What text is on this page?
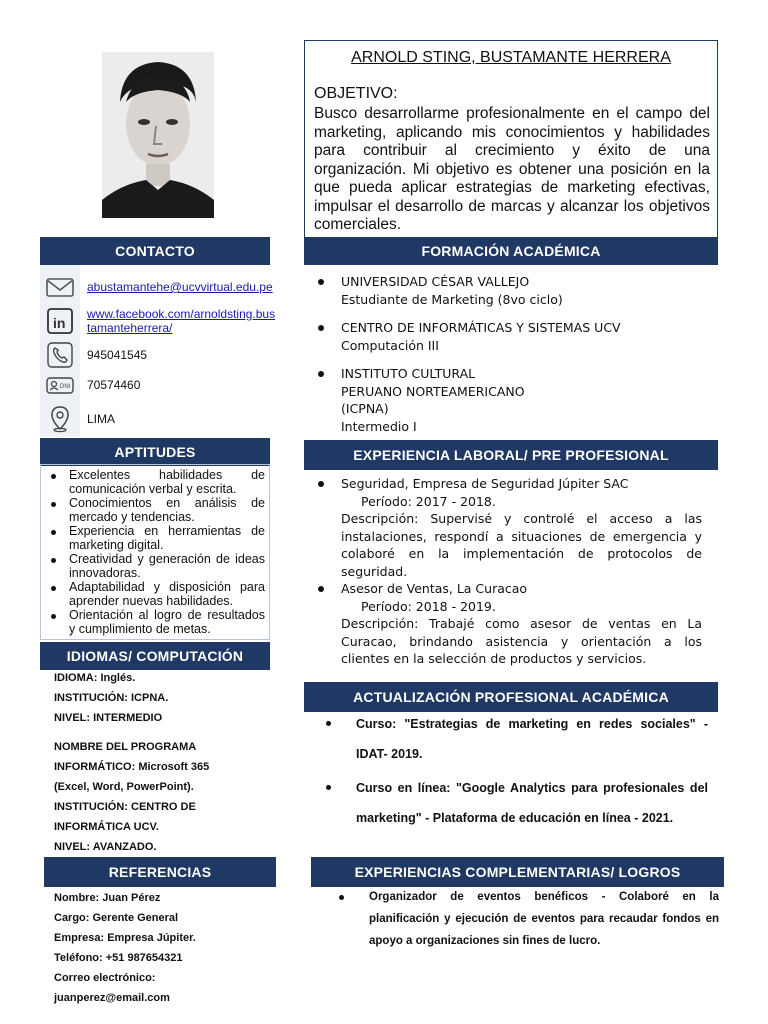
ARNOLD STING, BUSTAMANTE HERRERA
OBJETIVO:
Busco desarrollarme profesionalmente en el campo del marketing, aplicando mis conocimientos y habilidades para contribuir al crecimiento y éxito de una organización. Mi objetivo es obtener una posición en la que pueda aplicar estrategias de marketing efectivas, impulsar el desarrollo de marcas y alcanzar los objetivos comerciales.
CONTACTO
abustamantehe@ucvvirtual.edu.pe
in
www.facebook.com/arnoldsting.bus
tamanteherrera/
945041545
DNI 70574460
LIMA
APTITUDES
Excelentes habilidades de comunicación verbal y escrita.
Conocimientos en análisis de mercado y tendencias.
Experiencia en herramientas de marketing digital.
Creatividad y generación de ideas innovadoras.
Adaptabilidad y disposición para aprender nuevas habilidades.
Orientación al logro de resultados y cumplimiento de metas.
IDIOMAS/ COMPUTACIÓN
IDIOMA: Inglés.
INSTITUCIÓN: ICPNA.
NIVEL: INTERMEDIO
NOMBRE DEL PROGRAMA
INFORMÁTICO: Microsoft 365
(Excel, Word, PowerPoint).
INSTITUCIÓN: CENTRO DE
INFORMÁTICA UCV.
NIVEL: AVANZADO.
REFERENCIAS
Nombre: Juan Pérez
Cargo: Gerente General
Empresa: Empresa Júpiter.
Teléfono: +51 987654321
Correo electrónico:
juanperez@email.com
FORMACIÓN ACADÉMICA
UNIVERSIDAD CÉSAR VALLEJO
Estudiante de Marketing (8vo ciclo)
CENTRO DE INFORMÁTICAS Y SISTEMAS UCV
Computación III
INSTITUTO CULTURAL PERUANO NORTEAMERICANO (ICPNA)
Intermedio I
EXPERIENCIA LABORAL/ PRE PROFESIONAL
Seguridad, Empresa de Seguridad Júpiter SAC
Período: 2017 - 2018.
Descripción: Supervisé y controlé el acceso a las instalaciones, respondí a situaciones de emergencia y colaboré en la implementación de protocolos de seguridad.
Asesor de Ventas, La Curacao
Período: 2018 - 2019.
Descripción: Trabajé como asesor de ventas en La Curacao, brindando asistencia y orientación a los clientes en la selección de productos y servicios.
ACTUALIZACIÓN PROFESIONAL ACADÉMICA
Curso: "Estrategias de marketing en redes sociales" - IDAT- 2019.
Curso en línea: "Google Analytics para profesionales del marketing" - Plataforma de educación en línea - 2021.
EXPERIENCIAS COMPLEMENTARIAS/ LOGROS
Organizador de eventos benéficos - Colaboré en la planificación y ejecución de eventos para recaudar fondos en apoyo a organizaciones sin fines de lucro.
